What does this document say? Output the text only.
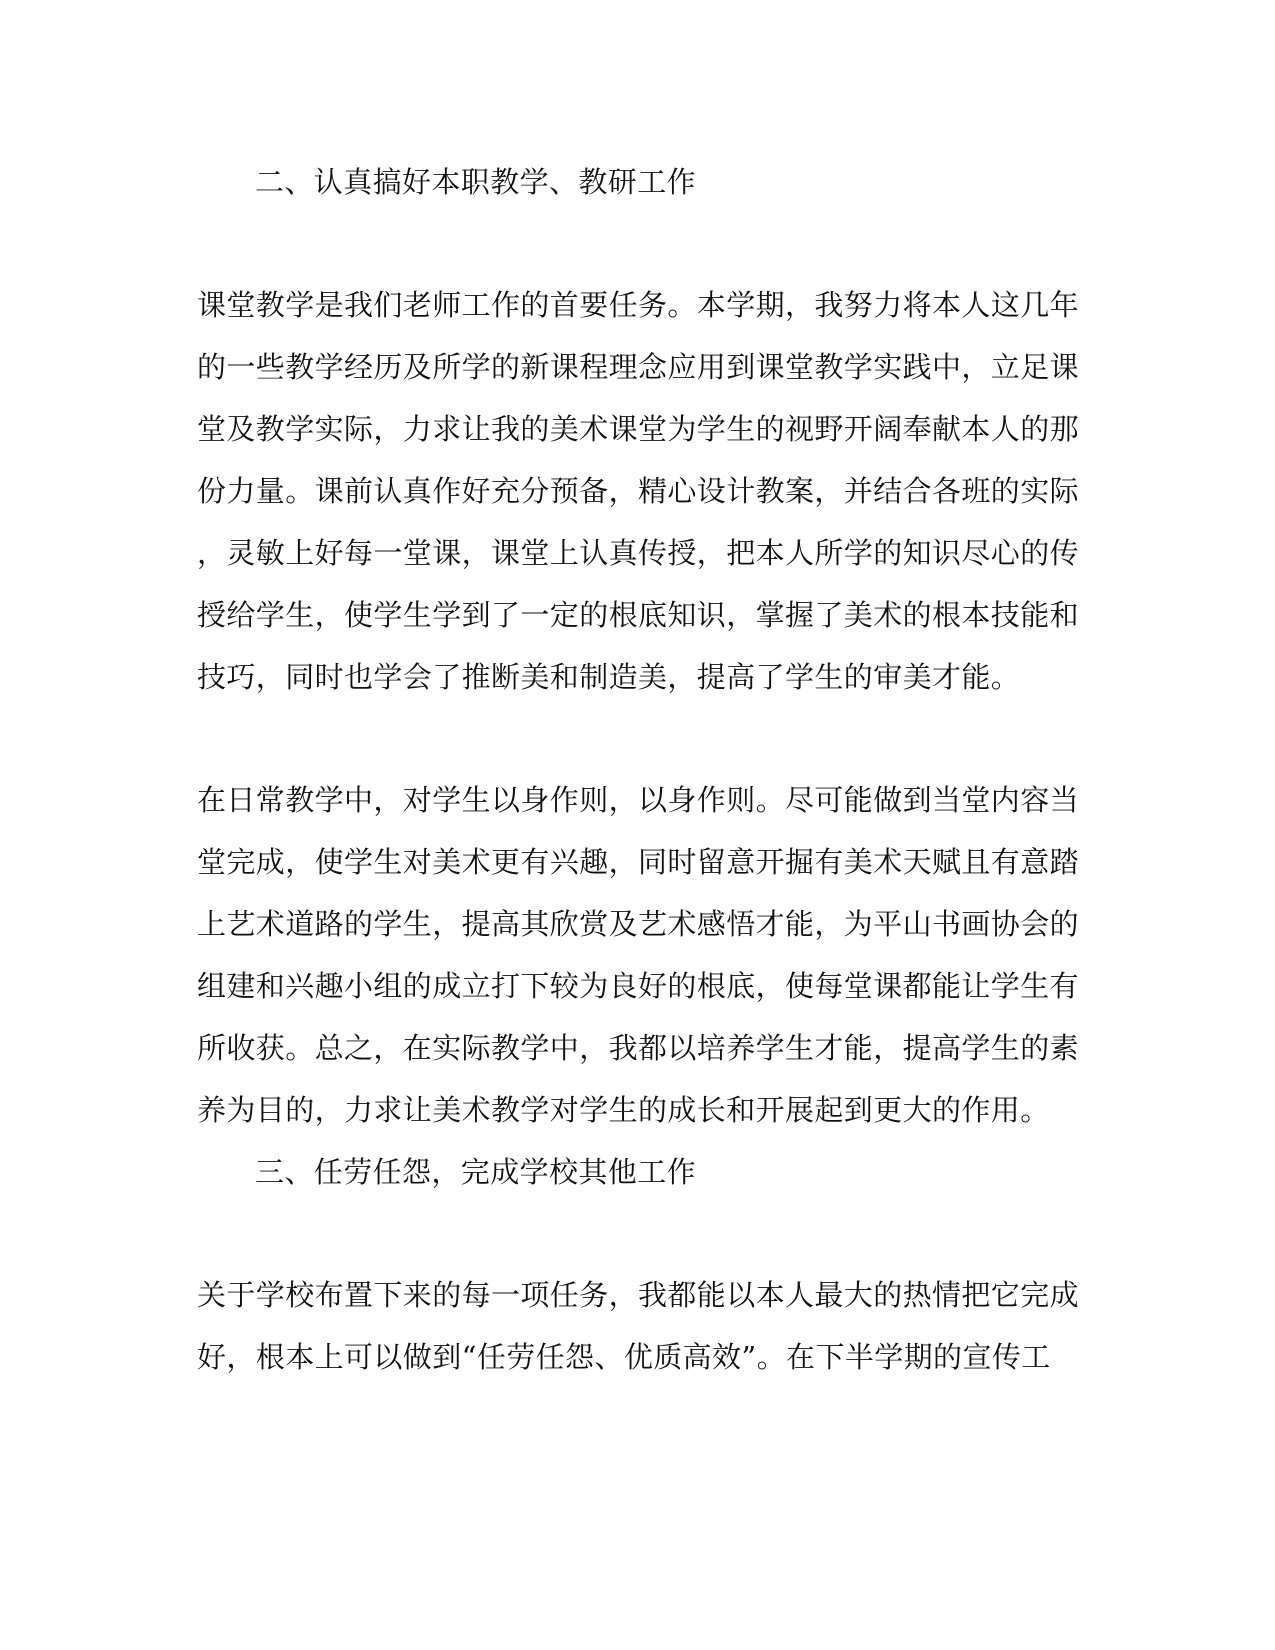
二、认真搞好本职教学、教研工作
课堂教学是我们老师工作的首要任务。本学期，我努力将本人这几年
的一些教学经历及所学的新课程理念应用到课堂教学实践中，立足课
堂及教学实际，力求让我的美术课堂为学生的视野开阔奉献本人的那
份力量。课前认真作好充分预备，精心设计教案，并结合各班的实际
，灵敏上好每一堂课，课堂上认真传授，把本人所学的知识尽心的传
授给学生，使学生学到了一定的根底知识，掌握了美术的根本技能和
技巧，同时也学会了推断美和制造美，提高了学生的审美才能。
在日常教学中，对学生以身作则，以身作则。尽可能做到当堂内容当
堂完成，使学生对美术更有兴趣，同时留意开掘有美术天赋且有意踏
上艺术道路的学生，提高其欣赏及艺术感悟才能，为平山书画协会的
组建和兴趣小组的成立打下较为良好的根底，使每堂课都能让学生有
所收获。总之，在实际教学中，我都以培养学生才能，提高学生的素
养为目的，力求让美术教学对学生的成长和开展起到更大的作用。
三、任劳任怨，完成学校其他工作
关于学校布置下来的每一项任务，我都能以本人最大的热情把它完成
好，根本上可以做到“任劳任怨、优质高效”。在下半学期的宣传工
